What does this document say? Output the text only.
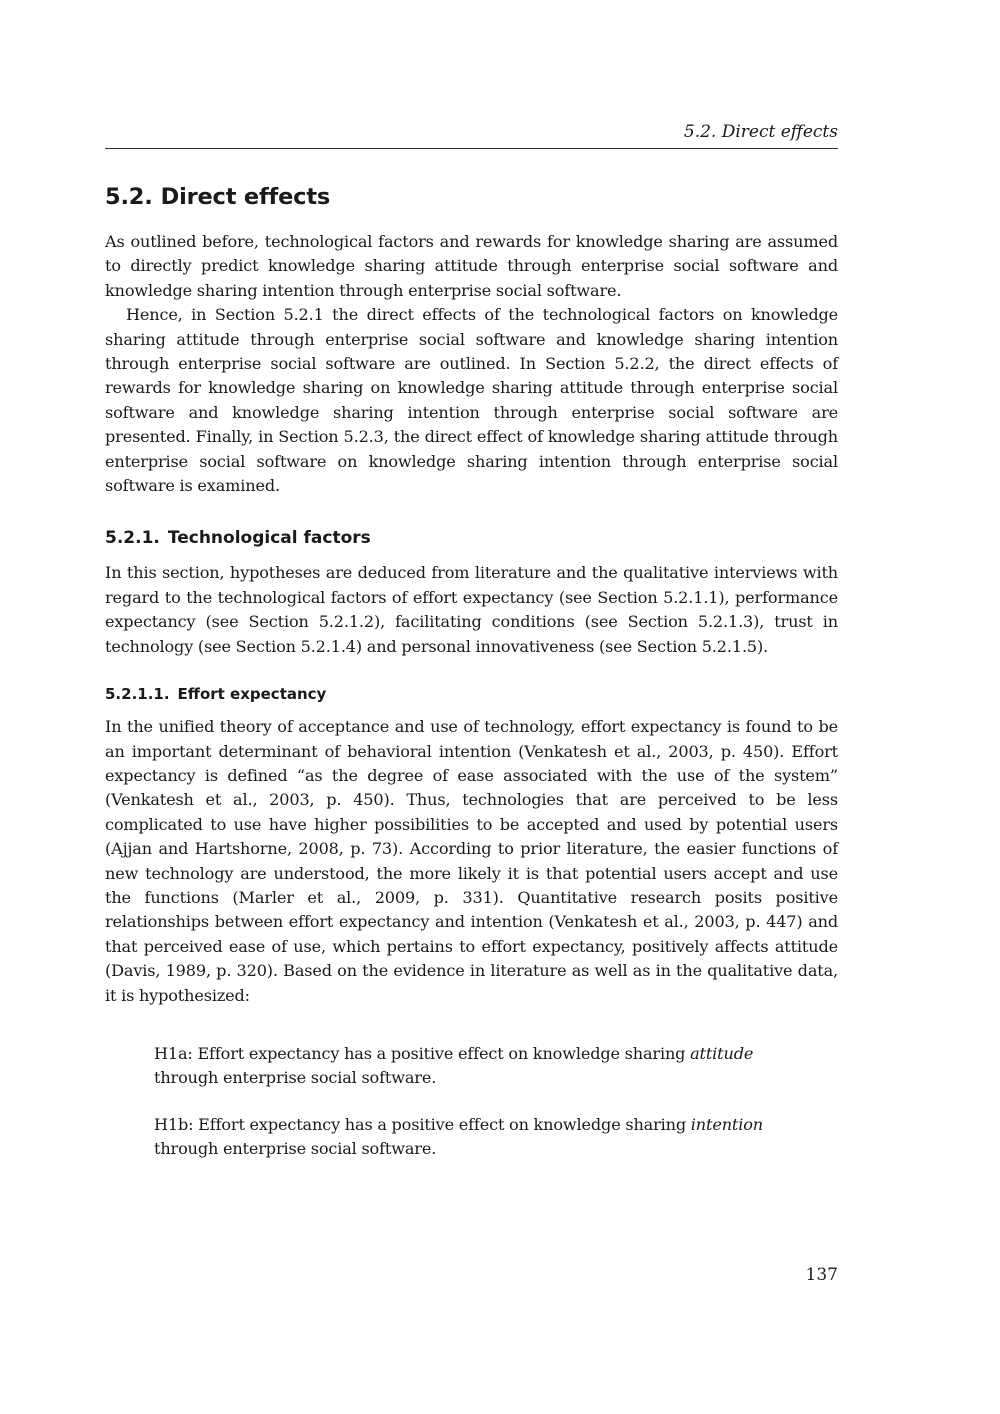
5.2. Direct effects
5.2. Direct effects

As outlined before, technological factors and rewards for knowledge sharing are assumed to directly predict knowledge sharing attitude through enterprise social software and knowledge sharing intention through enterprise social software.

Hence, in Section 5.2.1 the direct effects of the technological factors on knowledge sharing attitude through enterprise social software and knowledge sharing intention through enterprise social software are outlined. In Section 5.2.2, the direct effects of rewards for knowledge sharing on knowledge sharing attitude through enterprise social software and knowledge sharing intention through enterprise social software are presented. Finally, in Section 5.2.3, the direct effect of knowledge sharing attitude through enterprise social software on knowledge sharing intention through enterprise social software is examined.

5.2.1. Technological factors

In this section, hypotheses are deduced from literature and the qualitative interviews with regard to the technological factors of effort expectancy (see Section 5.2.1.1), performance expectancy (see Section 5.2.1.2), facilitating conditions (see Section 5.2.1.3), trust in technology (see Section 5.2.1.4) and personal innovativeness (see Section 5.2.1.5).

5.2.1.1. Effort expectancy

In the unified theory of acceptance and use of technology, effort expectancy is found to be an important determinant of behavioral intention (Venkatesh et al., 2003, p. 450). Effort expectancy is defined “as the degree of ease associated with the use of the system” (Venkatesh et al., 2003, p. 450). Thus, technologies that are perceived to be less complicated to use have higher possibilities to be accepted and used by potential users (Ajjan and Hartshorne, 2008, p. 73). According to prior literature, the easier functions of new technology are understood, the more likely it is that potential users accept and use the functions (Marler et al., 2009, p. 331). Quantitative research posits positive relationships between effort expectancy and intention (Venkatesh et al., 2003, p. 447) and that perceived ease of use, which pertains to effort expectancy, positively affects attitude (Davis, 1989, p. 320). Based on the evidence in literature as well as in the qualitative data, it is hypothesized:

H1a: Effort expectancy has a positive effect on knowledge sharing attitude through enterprise social software.

H1b: Effort expectancy has a positive effect on knowledge sharing intention through enterprise social software.

137
